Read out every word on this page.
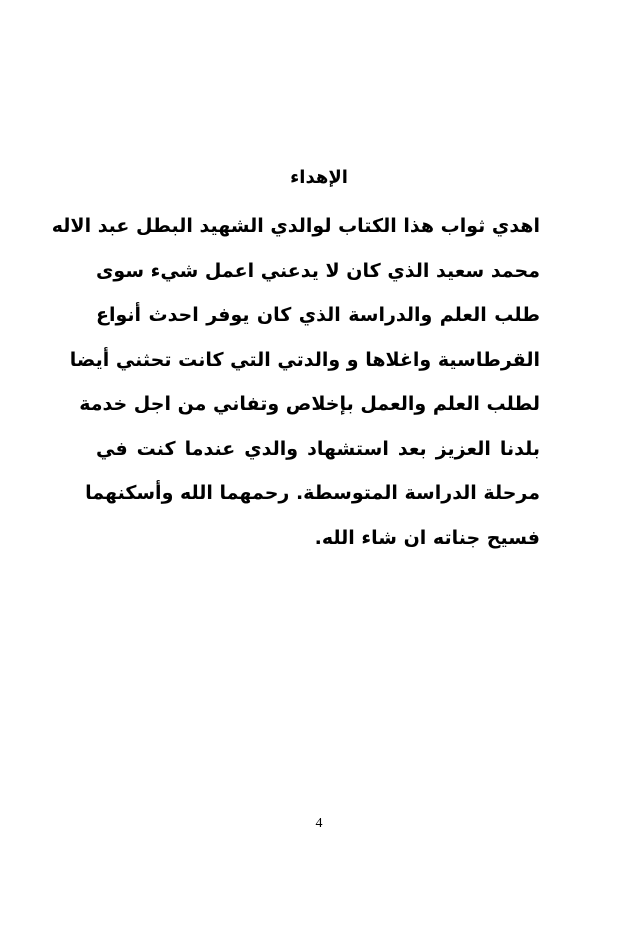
الإهداء
اهدي ثواب هذا الكتاب لوالدي الشهيد البطل عبد الاله
محمد سعيد الذي كان لا يدعني اعمل شيء سوى
طلب العلم والدراسة الذي كان يوفر احدث أنواع
القرطاسية واغلاها و والدتي التي كانت تحثني أيضا
لطلب العلم والعمل بإخلاص وتفاني من اجل خدمة
بلدنا العزيز بعد استشهاد والدي عندما كنت في
مرحلة الدراسة المتوسطة. رحمهما الله وأسكنهما
فسيح جناته ان شاء الله.
4
